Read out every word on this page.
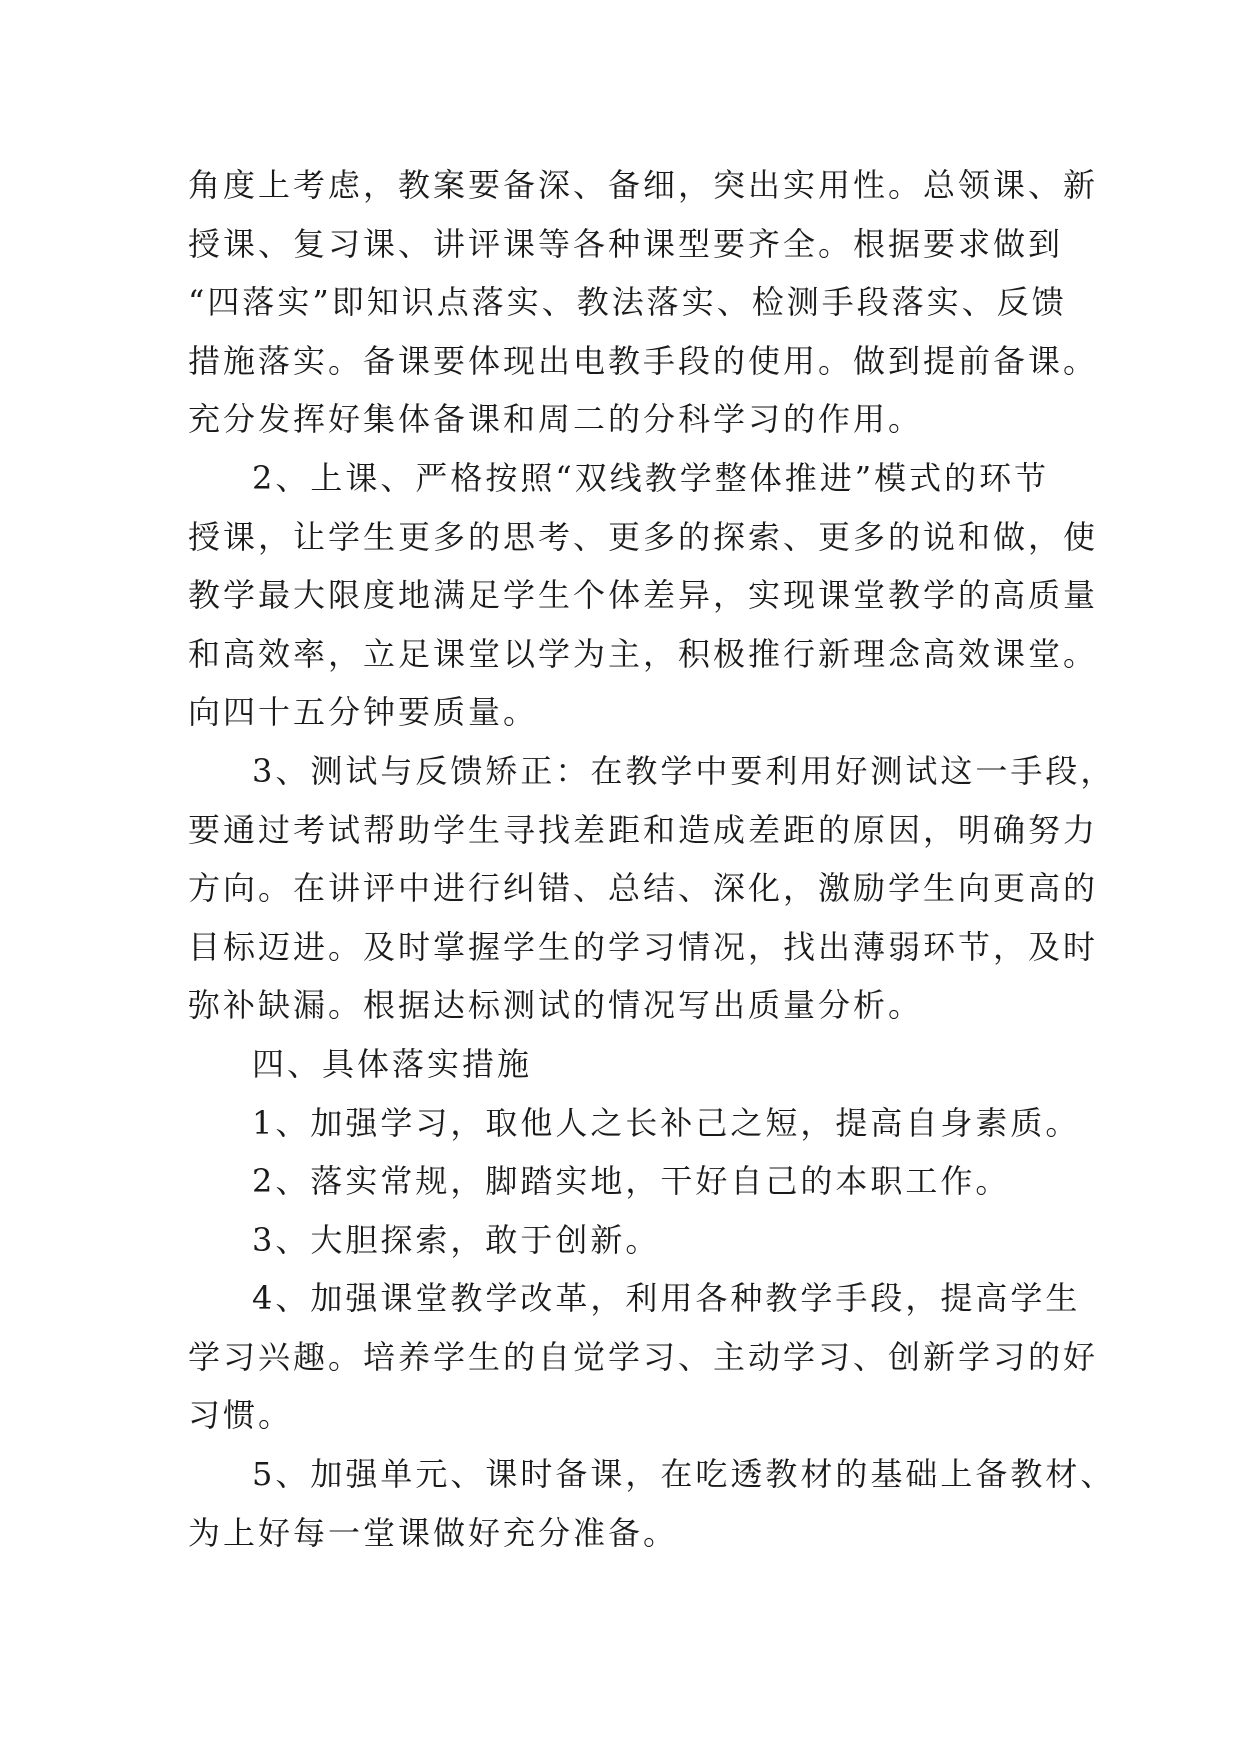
角度上考虑，教案要备深、备细，突出实用性。总领课、新
授课、复习课、讲评课等各种课型要齐全。根据要求做到
“四落实”即知识点落实、教法落实、检测手段落实、反馈
措施落实。备课要体现出电教手段的使用。做到提前备课。
充分发挥好集体备课和周二的分科学习的作用。
2、上课、严格按照“双线教学整体推进”模式的环节
授课，让学生更多的思考、更多的探索、更多的说和做，使
教学最大限度地满足学生个体差异，实现课堂教学的高质量
和高效率，立足课堂以学为主，积极推行新理念高效课堂。
向四十五分钟要质量。
3、测试与反馈矫正：在教学中要利用好测试这一手段，
要通过考试帮助学生寻找差距和造成差距的原因，明确努力
方向。在讲评中进行纠错、总结、深化，激励学生向更高的
目标迈进。及时掌握学生的学习情况，找出薄弱环节，及时
弥补缺漏。根据达标测试的情况写出质量分析。
四、具体落实措施
1、加强学习，取他人之长补己之短，提高自身素质。
2、落实常规，脚踏实地，干好自己的本职工作。
3、大胆探索，敢于创新。
4、加强课堂教学改革，利用各种教学手段，提高学生
学习兴趣。培养学生的自觉学习、主动学习、创新学习的好
习惯。
5、加强单元、课时备课，在吃透教材的基础上备教材、
为上好每一堂课做好充分准备。
